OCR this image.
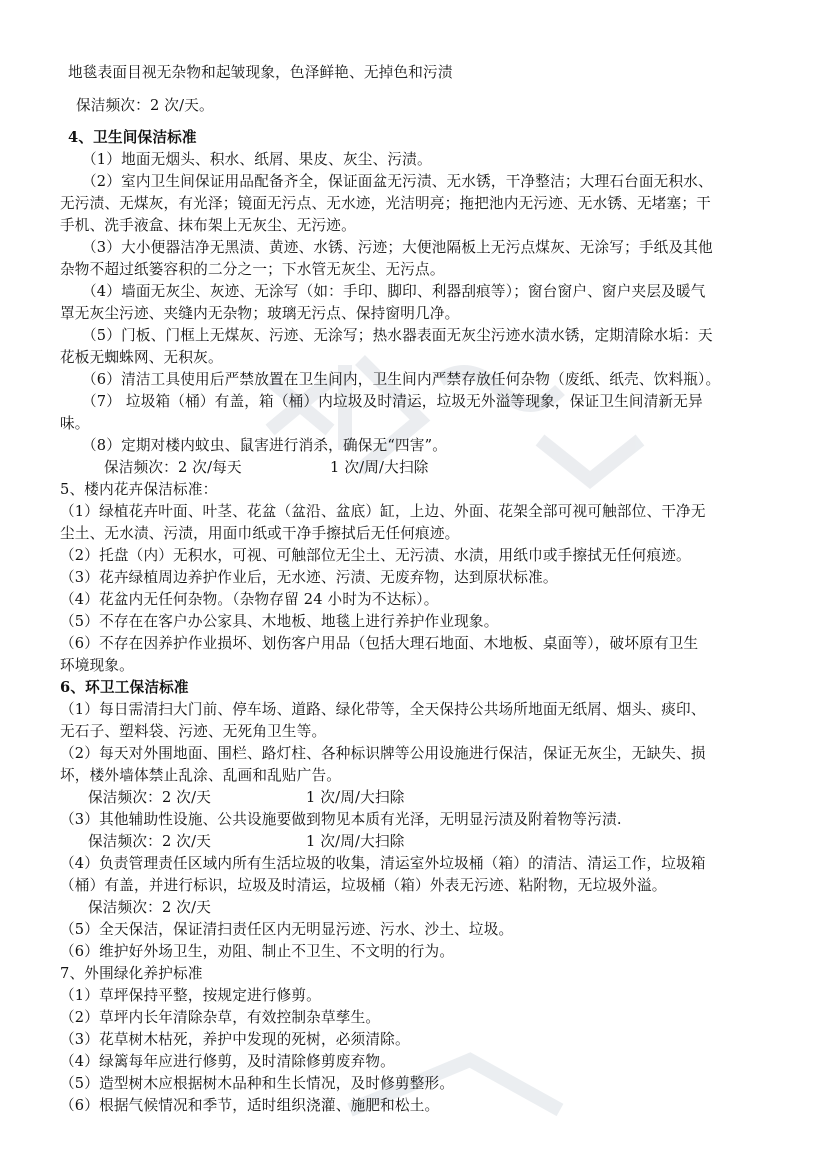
地毯表面目视无杂物和起皱现象，色泽鲜艳、无掉色和污渍
保洁频次：2 次/天。
4、卫生间保洁标准
（1）地面无烟头、积水、纸屑、果皮、灰尘、污渍。
（2）室内卫生间保证用品配备齐全，保证面盆无污渍、无水锈，干净整洁；大理石台面无积水、
无污渍、无煤灰，有光泽；镜面无污点、无水迹，光洁明亮；拖把池内无污迹、无水锈、无堵塞；干
手机、洗手液盒、抹布架上无灰尘、无污迹。
（3）大小便器洁净无黑渍、黄迹、水锈、污迹；大便池隔板上无污点煤灰、无涂写；手纸及其他
杂物不超过纸篓容积的二分之一；下水管无灰尘、无污点。
（4）墙面无灰尘、灰迹、无涂写（如：手印、脚印、利器刮痕等）；窗台窗户、窗户夹层及暖气
罩无灰尘污迹、夹缝内无杂物；玻璃无污点、保持窗明几净。
（5）门板、门框上无煤灰、污迹、无涂写；热水器表面无灰尘污迹水渍水锈，定期清除水垢：天
花板无蜘蛛网、无积灰。
（6）清洁工具使用后严禁放置在卫生间内，卫生间内严禁存放任何杂物（废纸、纸壳、饮料瓶）。
（7） 垃圾箱（桶）有盖，箱（桶）内垃圾及时清运，垃圾无外溢等现象，保证卫生间清新无异
味。
（8）定期对楼内蚊虫、鼠害进行消杀，确保无“四害”。
保洁频次：2 次/每天	1 次/周/大扫除
5、楼内花卉保洁标准：
（1）绿植花卉叶面、叶茎、花盆（盆沿、盆底）缸，上边、外面、花架全部可视可触部位、干净无
尘土、无水渍、污渍，用面巾纸或干净手擦拭后无任何痕迹。
（2）托盘（内）无积水，可视、可触部位无尘土、无污渍、水渍，用纸巾或手擦拭无任何痕迹。
（3）花卉绿植周边养护作业后，无水迹、污渍、无废弃物，达到原状标准。
（4）花盆内无任何杂物。（杂物存留 24 小时为不达标）。
（5）不存在在客户办公家具、木地板、地毯上进行养护作业现象。
（6）不存在因养护作业损坏、划伤客户用品（包括大理石地面、木地板、桌面等），破坏原有卫生
环境现象。
6、环卫工保洁标准
（1）每日需清扫大门前、停车场、道路、绿化带等，全天保持公共场所地面无纸屑、烟头、痰印、
无石子、塑料袋、污迹、无死角卫生等。
（2）每天对外围地面、围栏、路灯柱、各种标识牌等公用设施进行保洁，保证无灰尘，无缺失、损
坏，楼外墙体禁止乱涂、乱画和乱贴广告。
保洁频次：2 次/天	1 次/周/大扫除
（3）其他辅助性设施、公共设施要做到物见本质有光泽，无明显污渍及附着物等污渍.
保洁频次：2 次/天	1 次/周/大扫除
（4）负责管理责任区域内所有生活垃圾的收集，清运室外垃圾桶（箱）的清洁、清运工作，垃圾箱
（桶）有盖，并进行标识，垃圾及时清运，垃圾桶（箱）外表无污迹、粘附物，无垃圾外溢。
保洁频次：2 次/天
（5）全天保洁，保证清扫责任区内无明显污迹、污水、沙土、垃圾。
（6）维护好外场卫生，劝阻、制止不卫生、不文明的行为。
7、外围绿化养护标准
（1）草坪保持平整，按规定进行修剪。
（2）草坪内长年清除杂草，有效控制杂草孳生。
（3）花草树木枯死，养护中发现的死树，必须清除。
（4）绿篱每年应进行修剪，及时清除修剪废弃物。
（5）造型树木应根据树木品种和生长情况，及时修剪整形。
（6）根据气候情况和季节，适时组织浇灌、施肥和松土。
